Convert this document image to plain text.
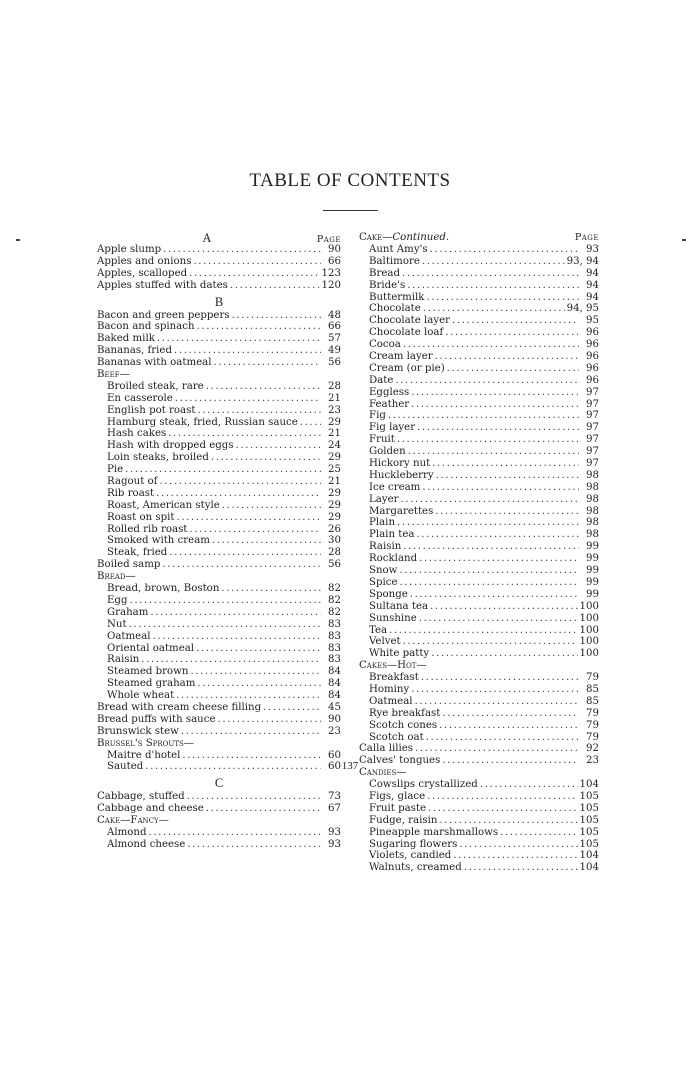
TABLE OF CONTENTS
A	Page
Apple slump .....	90
Apples and onions .....	66
Apples, scalloped .....	123
Apples stuffed with dates .....	120
B
Bacon and green peppers .....	48
Bacon and spinach .....	66
Baked milk .....	57
Bananas, fried .....	49
Bananas with oatmeal .....	56
Beef—
Broiled steak, rare .....	28
En casserole .....	21
English pot roast .....	23
Hamburg steak, fried, Russian sauce .....	29
Hash cakes .....	21
Hash with dropped eggs .....	24
Loin steaks, broiled .....	29
Pie .....	25
Ragout of .....	21
Rib roast .....	29
Roast, American style .....	29
Roast on spit .....	29
Rolled rib roast .....	26
Smoked with cream .....	30
Steak, fried .....	28
Boiled samp .....	56
Bread—
Bread, brown, Boston .....	82
Egg .....	82
Graham .....	82
Nut .....	83
Oatmeal .....	83
Oriental oatmeal .....	83
Raisin .....	83
Steamed brown .....	84
Steamed graham .....	84
Whole wheat .....	84
Bread with cream cheese filling .....	45
Bread puffs with sauce .....	90
Brunswick stew .....	23
Brussel's Sprouts—
Maitre d'hotel .....	60
Sauted .....	60
C
Cabbage, stuffed .....	73
Cabbage and cheese .....	67
Cake—Fancy—
Almond .....	93
Almond cheese .....	93
Cake—Continued.	Page
Aunt Amy's .....	93
Baltimore .....	93, 94
Bread .....	94
Bride's .....	94
Buttermilk .....	94
Chocolate .....	94, 95
Chocolate layer .....	95
Chocolate loaf .....	96
Cocoa .....	96
Cream layer .....	96
Cream (or pie) .....	96
Date .....	96
Eggless .....	97
Feather .....	97
Fig .....	97
Fig layer .....	97
Fruit .....	97
Golden .....	97
Hickory nut .....	97
Huckleberry .....	98
Ice cream .....	98
Layer .....	98
Margarettes .....	98
Plain .....	98
Plain tea .....	98
Raisin .....	99
Rockland .....	99
Snow .....	99
Spice .....	99
Sponge .....	99
Sultana tea .....	100
Sunshine .....	100
Tea .....	100
Velvet .....	100
White patty .....	100
Cakes—Hot—
Breakfast .....	79
Hominy .....	85
Oatmeal .....	85
Rye breakfast .....	79
Scotch cones .....	79
Scotch oat .....	79
Calla lilies .....	92
Calves' tongues .....	23
Candies—
Cowslips crystallized .....	104
Figs, glace .....	105
Fruit paste .....	105
Fudge, raisin .....	105
Pineapple marshmallows .....	105
Sugaring flowers .....	105
Violets, candied .....	104
Walnuts, creamed .....	104
137
